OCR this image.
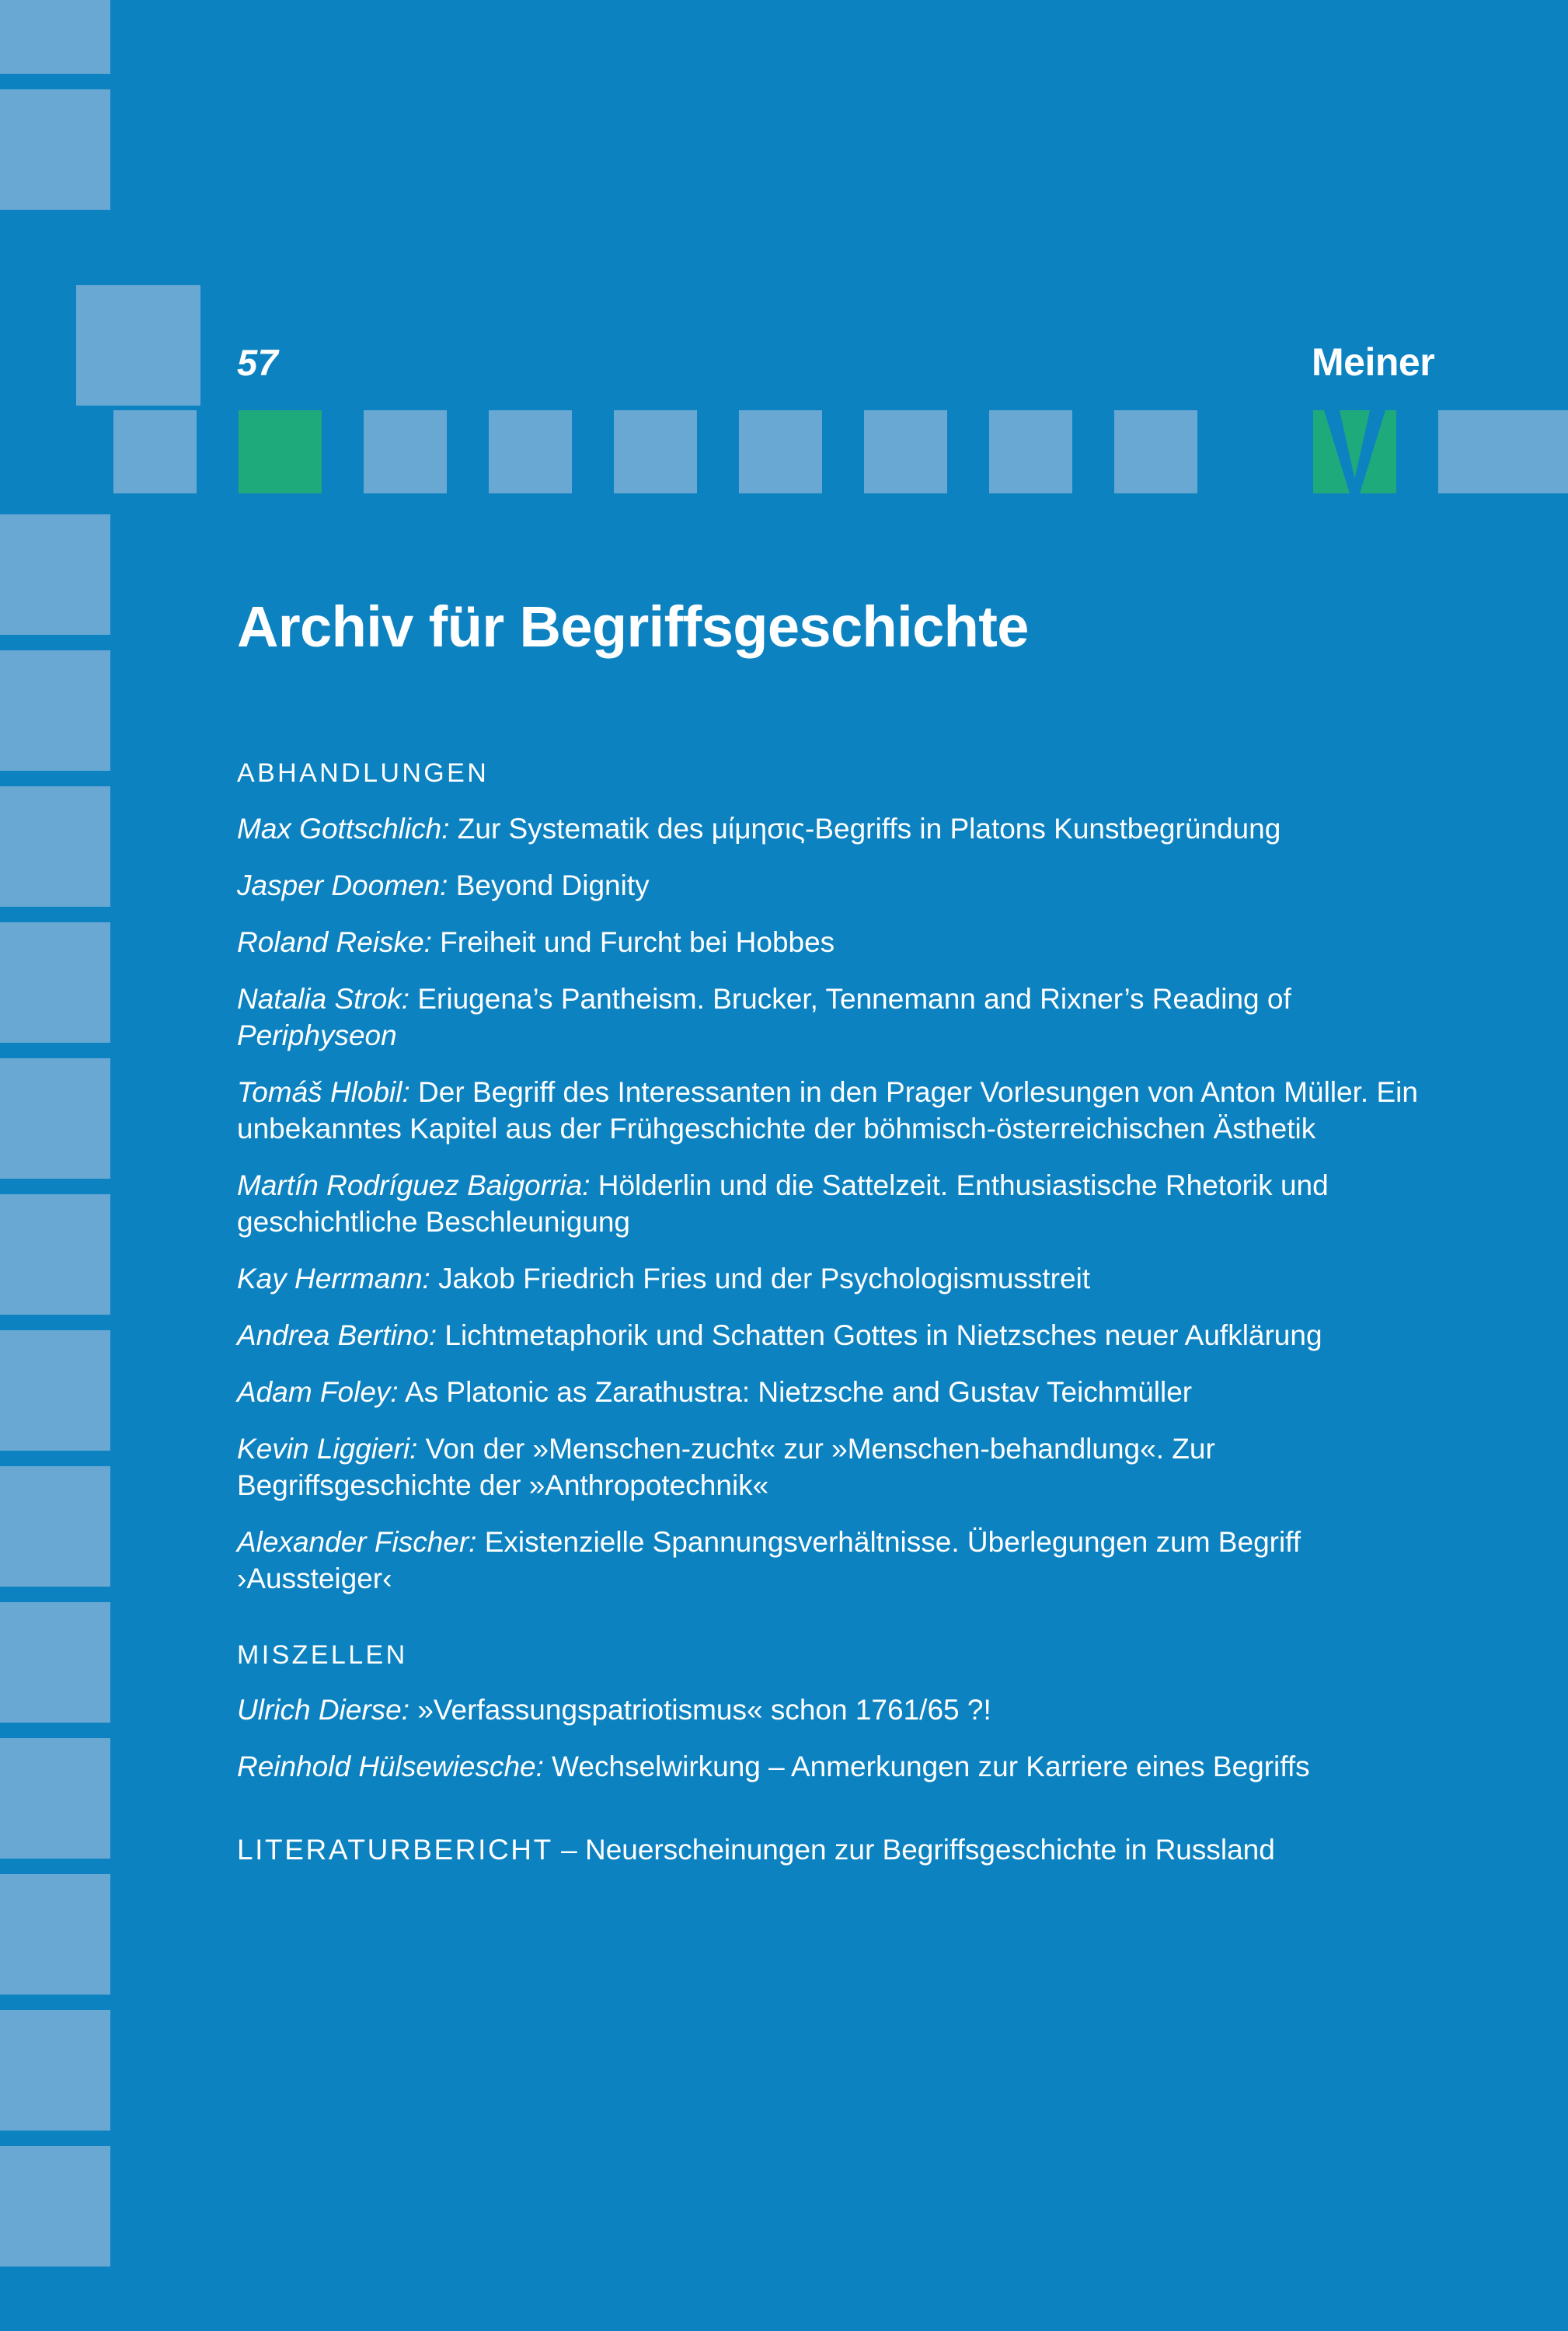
57	Meiner
Archiv für Begriffsgeschichte
ABHANDLUNGEN

Max Gottschlich: Zur Systematik des μίμησις-Begriffs in Platons Kunstbegründung

Jasper Doomen: Beyond Dignity

Roland Reiske: Freiheit und Furcht bei Hobbes

Natalia Strok: Eriugena’s Pantheism. Brucker, Tennemann and Rixner’s Reading of Periphyseon

Tomáš Hlobil: Der Begriff des Interessanten in den Prager Vorlesungen von Anton Müller. Ein unbekanntes Kapitel aus der Frühgeschichte der böhmisch-österreichischen Ästhetik

Martín Rodríguez Baigorria: Hölderlin und die Sattelzeit. Enthusiastische Rhetorik und geschichtliche Beschleunigung

Kay Herrmann: Jakob Friedrich Fries und der Psychologismusstreit

Andrea Bertino: Lichtmetaphorik und Schatten Gottes in Nietzsches neuer Aufklärung

Adam Foley: As Platonic as Zarathustra: Nietzsche and Gustav Teichmüller

Kevin Liggieri: Von der »Menschen-zucht« zur »Menschen-behandlung«. Zur Begriffsgeschichte der »Anthropotechnik«

Alexander Fischer: Existenzielle Spannungsverhältnisse. Überlegungen zum Begriff ›Aussteiger‹

MISZELLEN

Ulrich Dierse: »Verfassungspatriotismus« schon 1761/65 ?!

Reinhold Hülsewiesche: Wechselwirkung – Anmerkungen zur Karriere eines Begriffs

LITERATURBERICHT – Neuerscheinungen zur Begriffsgeschichte in Russland
